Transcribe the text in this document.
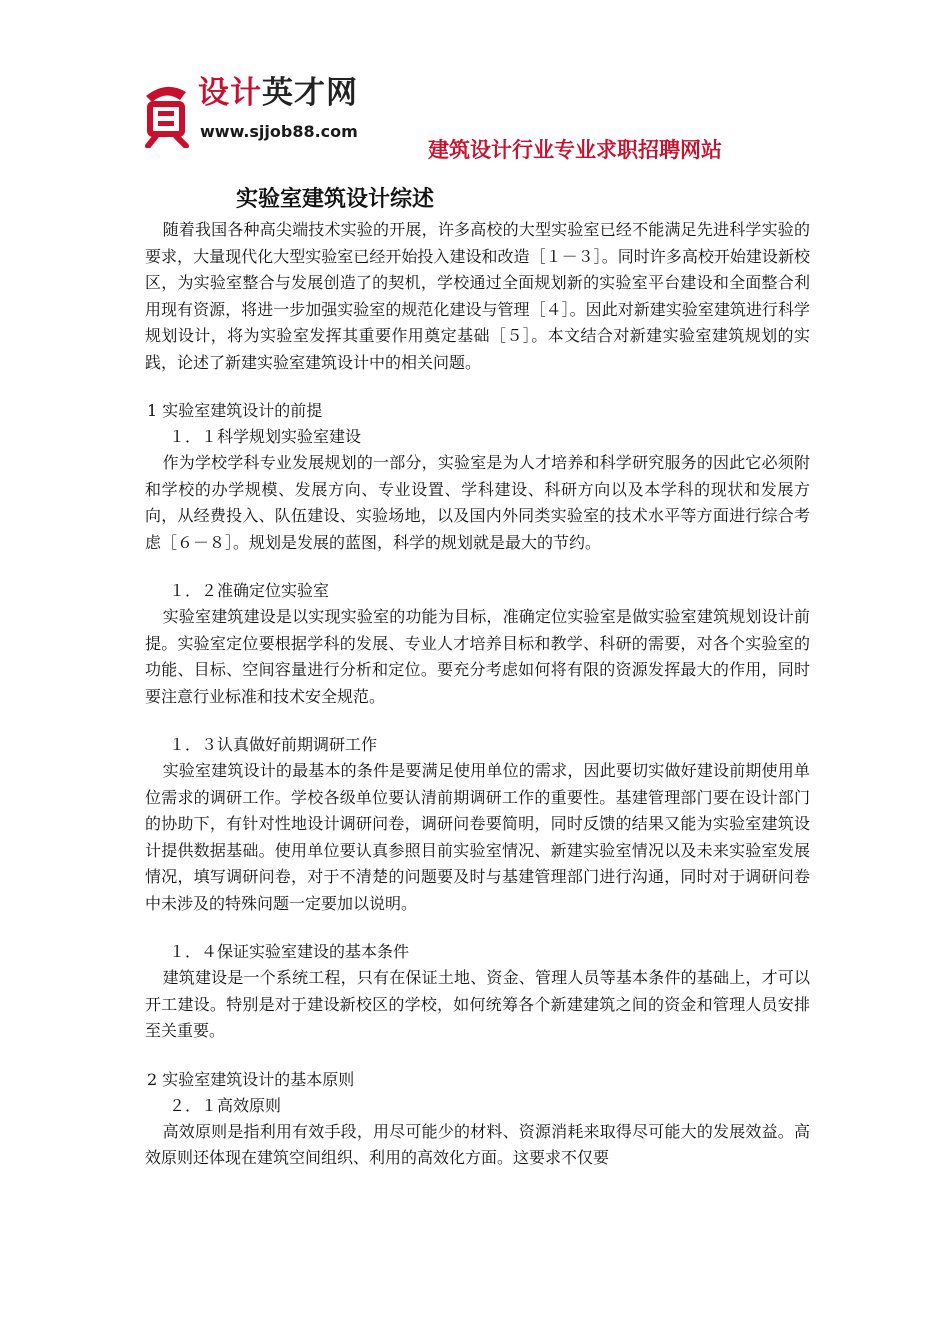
设计英才网
www.sjjob88.com
建筑设计行业专业求职招聘网站
实验室建筑设计综述

随着我国各种高尖端技术实验的开展，许多高校的大型实验室已经不能满足先进科学实验的要求，大量现代化大型实验室已经开始投入建设和改造［１－３］。同时许多高校开始建设新校区，为实验室整合与发展创造了的契机，学校通过全面规划新的实验室平台建设和全面整合利用现有资源，将进一步加强实验室的规范化建设与管理［４］。因此对新建实验室建筑进行科学规划设计，将为实验室发挥其重要作用奠定基础［５］。本文结合对新建实验室建筑规划的实践，论述了新建实验室建筑设计中的相关问题。

1 实验室建筑设计的前提
１．１科学规划实验室建设

作为学校学科专业发展规划的一部分，实验室是为人才培养和科学研究服务的因此它必须附和学校的办学规模、发展方向、专业设置、学科建设、科研方向以及本学科的现状和发展方向，从经费投入、队伍建设、实验场地，以及国内外同类实验室的技术水平等方面进行综合考虑［６－８］。规划是发展的蓝图，科学的规划就是最大的节约。

１．２准确定位实验室

实验室建筑建设是以实现实验室的功能为目标，准确定位实验室是做实验室建筑规划设计前提。实验室定位要根据学科的发展、专业人才培养目标和教学、科研的需要，对各个实验室的功能、目标、空间容量进行分析和定位。要充分考虑如何将有限的资源发挥最大的作用，同时要注意行业标准和技术安全规范。

１．３认真做好前期调研工作

实验室建筑设计的最基本的条件是要满足使用单位的需求，因此要切实做好建设前期使用单位需求的调研工作。学校各级单位要认清前期调研工作的重要性。基建管理部门要在设计部门的协助下，有针对性地设计调研问卷，调研问卷要简明，同时反馈的结果又能为实验室建筑设计提供数据基础。使用单位要认真参照目前实验室情况、新建实验室情况以及未来实验室发展情况，填写调研问卷，对于不清楚的问题要及时与基建管理部门进行沟通，同时对于调研问卷中未涉及的特殊问题一定要加以说明。

１．４保证实验室建设的基本条件

建筑建设是一个系统工程，只有在保证土地、资金、管理人员等基本条件的基础上，才可以开工建设。特别是对于建设新校区的学校，如何统筹各个新建建筑之间的资金和管理人员安排至关重要。

2 实验室建筑设计的基本原则
２．１高效原则

高效原则是指利用有效手段，用尽可能少的材料、资源消耗来取得尽可能大的发展效益。高效原则还体现在建筑空间组织、利用的高效化方面。这要求不仅要
